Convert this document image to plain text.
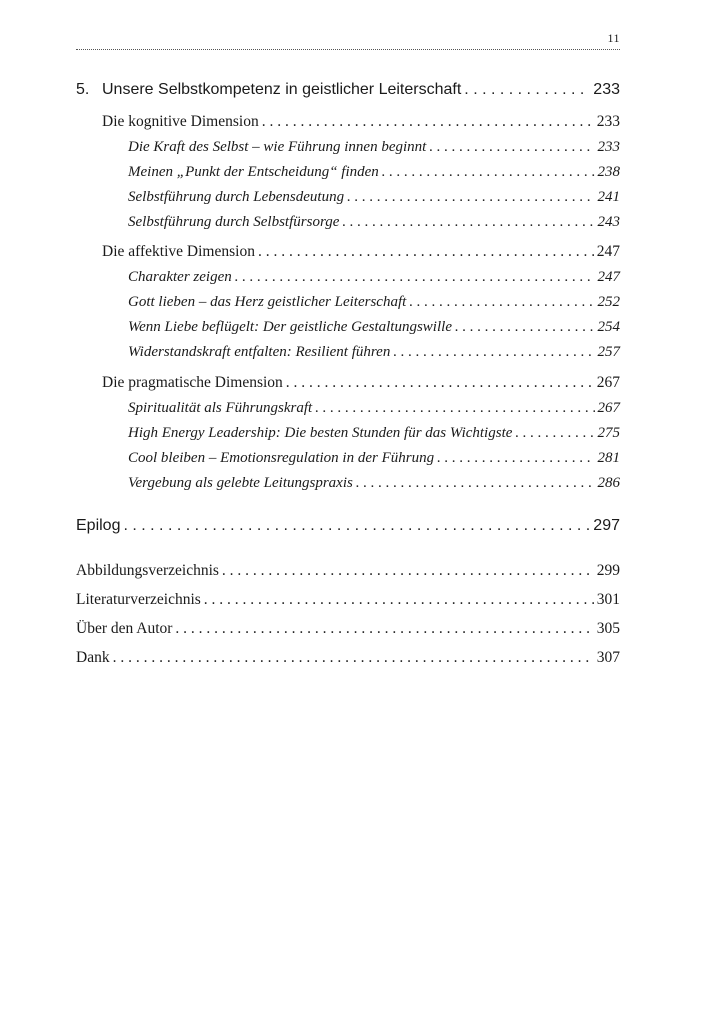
11
5. Unsere Selbstkompetenz in geistlicher Leiterschaft . . .	233
Die kognitive Dimension . . .	233
Die Kraft des Selbst – wie Führung innen beginnt . . .	233
Meinen „Punkt der Entscheidung“ finden . . .	238
Selbstführung durch Lebensdeutung . . .	241
Selbstführung durch Selbstfürsorge . . .	243
Die affektive Dimension . . .	247
Charakter zeigen . . .	247
Gott lieben – das Herz geistlicher Leiterschaft . . .	252
Wenn Liebe beflügelt: Der geistliche Gestaltungswille . . .	254
Widerstandskraft entfalten: Resilient führen . . .	257
Die pragmatische Dimension . . .	267
Spiritualität als Führungskraft . . .	267
High Energy Leadership: Die besten Stunden für das Wichtigste . . .	275
Cool bleiben – Emotionsregulation in der Führung . . .	281
Vergebung als gelebte Leitungspraxis . . .	286
Epilog . . .	297
Abbildungsverzeichnis . . .	299
Literaturverzeichnis . . .	301
Über den Autor . . .	305
Dank . . .	307
